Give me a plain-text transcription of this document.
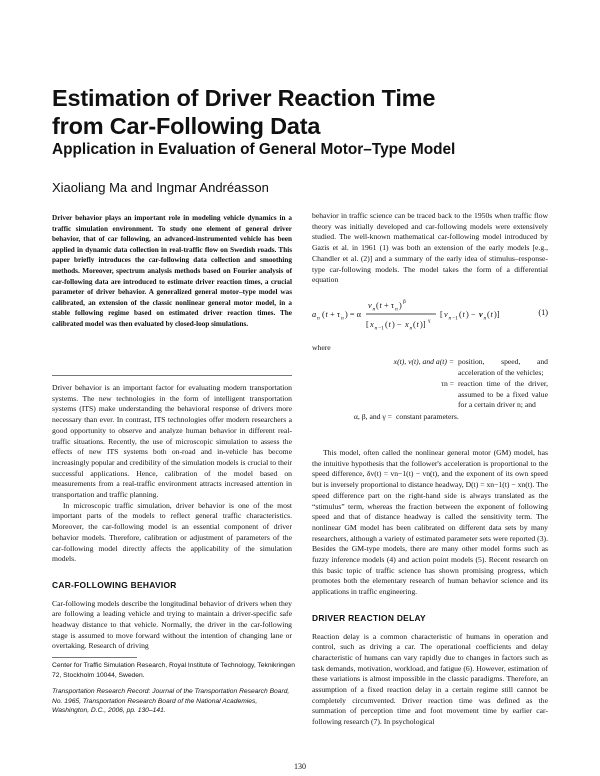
Estimation of Driver Reaction Time
from Car-Following Data
Application in Evaluation of General Motor–Type Model

Xiaoliang Ma and Ingmar Andréasson

Driver behavior plays an important role in modeling vehicle dynamics in a traffic simulation environment. To study one element of general driver behavior, that of car following, an advanced-instrumented vehicle has been applied in dynamic data collection in real-traffic flow on Swedish roads. This paper briefly introduces the car-following data collection and smoothing methods. Moreover, spectrum analysis methods based on Fourier analysis of car-following data are introduced to estimate driver reaction times, a crucial parameter of driver behavior. A generalized general motor–type model was calibrated, an extension of the classic nonlinear general motor model, in a stable following regime based on estimated driver reaction times. The calibrated model was then evaluated by closed-loop simulations.

Driver behavior is an important factor for evaluating modern transportation systems. The new technologies in the form of intelligent transportation systems (ITS) make understanding the behavioral response of drivers more necessary than ever. In contrast, ITS technologies offer modern researchers a good opportunity to observe and analyze human behavior in different real-traffic situations. Recently, the use of microscopic simulation to assess the effects of new ITS systems both on-road and in-vehicle has become increasingly popular and credibility of the simulation models is crucial to their successful applications. Hence, calibration of the model based on measurements from a real-traffic environment attracts increased attention in transportation and traffic planning.

In microscopic traffic simulation, driver behavior is one of the most important parts of the models to reflect general traffic characteristics. Moreover, the car-following model is an essential component of driver behavior models. Therefore, calibration or adjustment of parameters of the car-following model directly affects the applicability of the simulation models.

CAR-FOLLOWING BEHAVIOR

Car-following models describe the longitudinal behavior of drivers when they are following a leading vehicle and trying to maintain a driver-specific safe headway distance to that vehicle. Normally, the driver in the car-following stage is assumed to move forward without the intention of changing lane or overtaking. Research of driving

Center for Traffic Simulation Research, Royal Institute of Technology, Teknikringen 72, Stockholm 10044, Sweden.

Transportation Research Record: Journal of the Transportation Research Board, No. 1965, Transportation Research Board of the National Academies, Washington, D.C., 2006, pp. 130–141.

behavior in traffic science can be traced back to the 1950s when traffic flow theory was initially developed and car-following models were extensively studied. The well-known mathematical car-following model introduced by Gazis et al. in 1961 (1) was both an extension of the early models [e.g., Chandler et al. (2)] and a summary of the early idea of stimulus–response-type car-following models. The model takes the form of a differential equation

a n ( t + τ n ) = α
v n ( t + τ n ) β
[ x n −1 ( t ) − x n ( t )] γ
[ v n −1 ( t ) − v n ( t )]	(1)
where
x(t), v(t), and a(t) = position, speed, and acceleration of the vehicles;
τn = reaction time of the driver, assumed to be a fixed value for a certain driver n; and
α, β, and γ = constant parameters.

This model, often called the nonlinear general motor (GM) model, has the intuitive hypothesis that the follower's acceleration is proportional to the speed difference, δv(t) = vn−1(t) − vn(t), and the exponent of its own speed but is inversely proportional to distance headway, D(t) = xn−1(t) − xn(t). The speed difference part on the right-hand side is always translated as the “stimulus” term, whereas the fraction between the exponent of following speed and that of distance headway is called the sensitivity term. The nonlinear GM model has been calibrated on different data sets by many researchers, although a variety of estimated parameter sets were reported (3). Besides the GM-type models, there are many other model forms such as fuzzy inference models (4) and action point models (5). Recent research on this basic topic of traffic science has shown promising progress, which promotes both the elementary research of human behavior science and its applications in traffic engineering.

DRIVER REACTION DELAY

Reaction delay is a common characteristic of humans in operation and control, such as driving a car. The operational coefficients and delay characteristic of humans can vary rapidly due to changes in factors such as task demands, motivation, workload, and fatigue (6). However, estimation of these variations is almost impossible in the classic paradigms. Therefore, an assumption of a fixed reaction delay in a certain regime still cannot be completely circumvented. Driver reaction time was defined as the summation of perception time and foot movement time by earlier car-following research (7). In psychological

130
